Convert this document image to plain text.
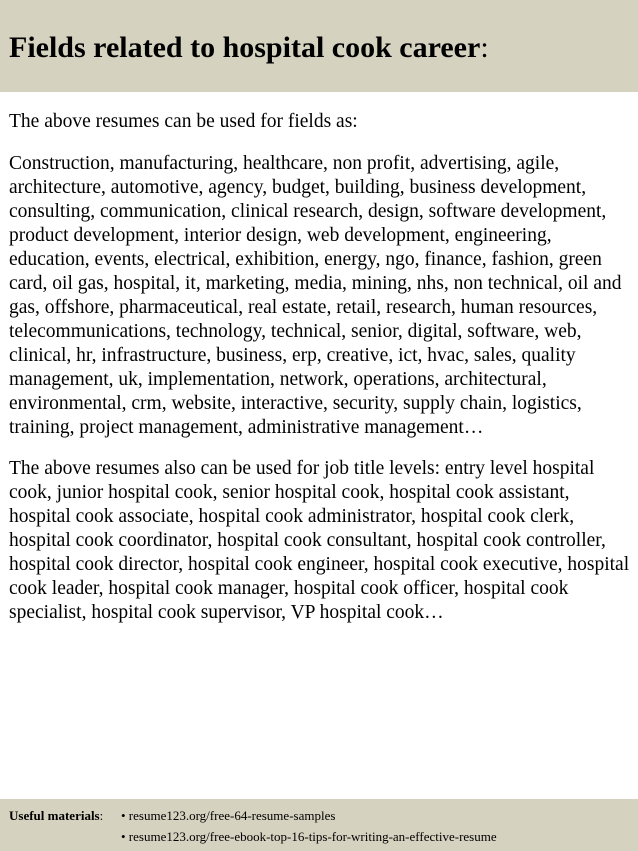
Fields related to hospital cook career:

The above resumes can be used for fields as:

Construction, manufacturing, healthcare, non profit, advertising, agile, architecture, automotive, agency, budget, building, business development, consulting, communication, clinical research, design, software development, product development, interior design, web development, engineering, education, events, electrical, exhibition, energy, ngo, finance, fashion, green card, oil gas, hospital, it, marketing, media, mining, nhs, non technical, oil and gas, offshore, pharmaceutical, real estate, retail, research, human resources, telecommunications, technology, technical, senior, digital, software, web, clinical, hr, infrastructure, business, erp, creative, ict, hvac, sales, quality management, uk, implementation, network, operations, architectural, environmental, crm, website, interactive, security, supply chain, logistics, training, project management, administrative management…

The above resumes also can be used for job title levels: entry level hospital cook, junior hospital cook, senior hospital cook, hospital cook assistant, hospital cook associate, hospital cook administrator, hospital cook clerk, hospital cook coordinator, hospital cook consultant, hospital cook controller, hospital cook director, hospital cook engineer, hospital cook executive, hospital cook leader, hospital cook manager, hospital cook officer, hospital cook specialist, hospital cook supervisor, VP hospital cook…

Useful materials: • resume123.org/free-64-resume-samples
• resume123.org/free-ebook-top-16-tips-for-writing-an-effective-resume
